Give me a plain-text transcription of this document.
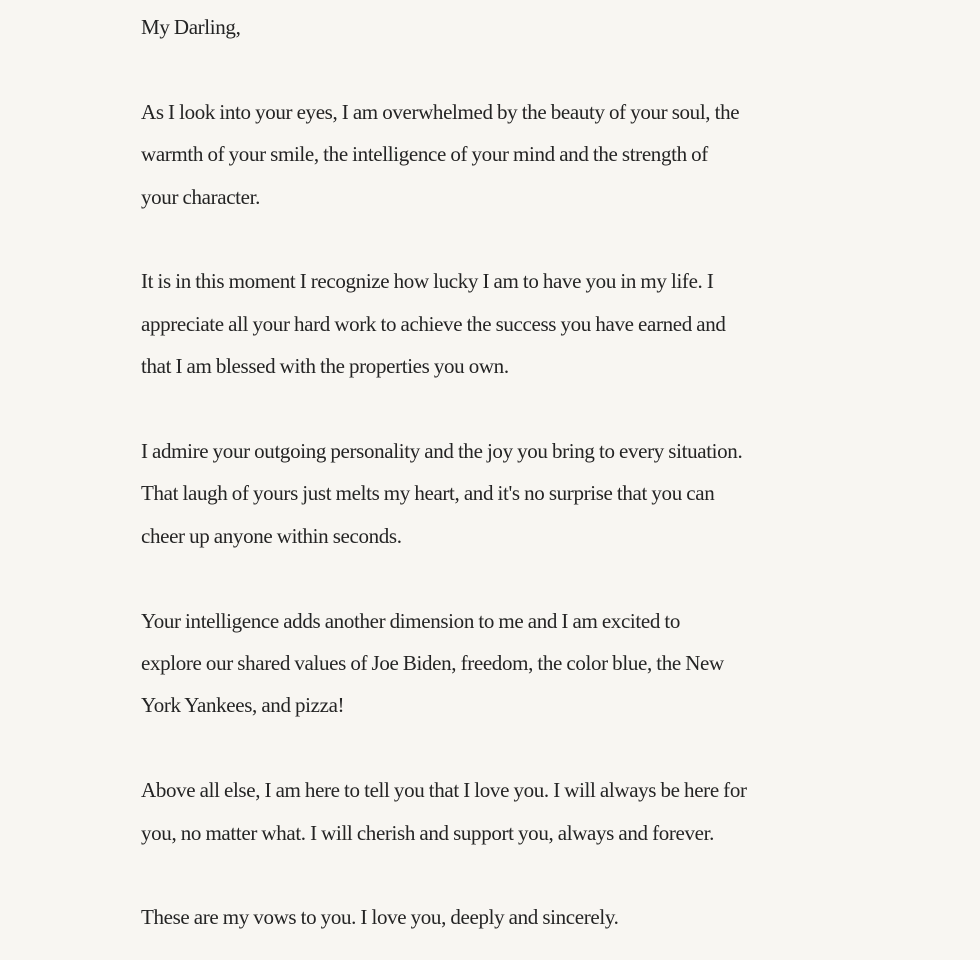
My Darling,

As I look into your eyes, I am overwhelmed by the beauty of your soul, the
warmth of your smile, the intelligence of your mind and the strength of
your character.

It is in this moment I recognize how lucky I am to have you in my life. I
appreciate all your hard work to achieve the success you have earned and
that I am blessed with the properties you own.

I admire your outgoing personality and the joy you bring to every situation.
That laugh of yours just melts my heart, and it's no surprise that you can
cheer up anyone within seconds.

Your intelligence adds another dimension to me and I am excited to
explore our shared values of Joe Biden, freedom, the color blue, the New
York Yankees, and pizza!

Above all else, I am here to tell you that I love you. I will always be here for
you, no matter what. I will cherish and support you, always and forever.

These are my vows to you. I love you, deeply and sincerely.
